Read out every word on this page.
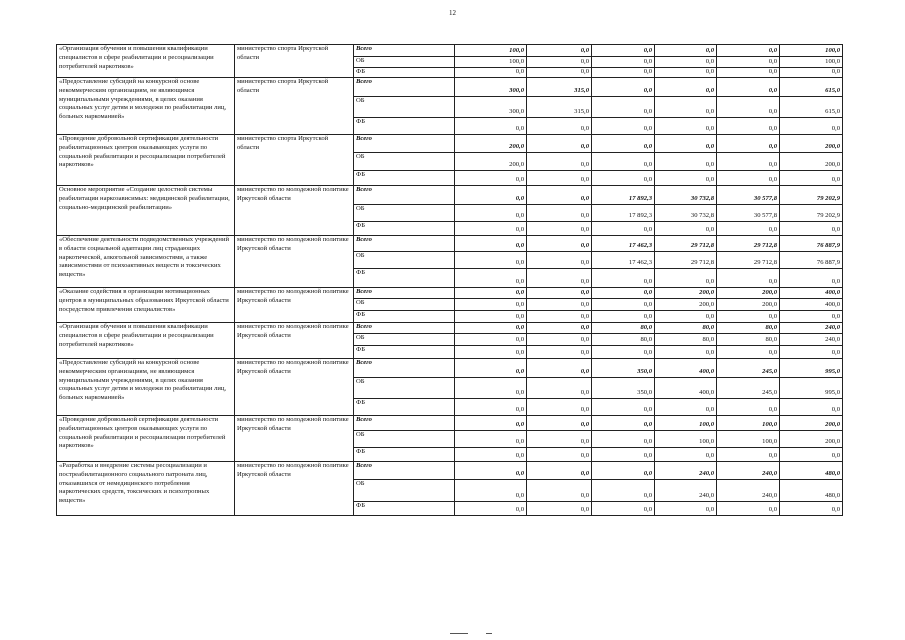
12
«Организация обучения и повышения квалификации специалистов в сфере реабилитации и ресоциализации потребителей наркотиков»	министерство спорта Иркутской области	Всего	100,0	0,0	0,0	0,0	0,0	100,0
		ОБ	100,0	0,0	0,0	0,0	0,0	100,0
		ФБ	0,0	0,0	0,0	0,0	0,0	0,0
«Предоставление субсидий на конкурсной основе некоммерческим организациям, не являющимся муниципальными учреждениями, в целях оказания социальных услуг детям и молодежи по реабилитации лиц, больных наркоманией»	министерство спорта Иркутской области	Всего	300,0	315,0	0,0	0,0	0,0	615,0
		ОБ	300,0	315,0	0,0	0,0	0,0	615,0
		ФБ	0,0	0,0	0,0	0,0	0,0	0,0
«Проведение добровольной сертификации деятельности реабилитационных центров оказывающих услуги по социальной реабилитации и ресоциализации потребителей наркотиков»	министерство спорта Иркутской области	Всего	200,0	0,0	0,0	0,0	0,0	200,0
		ОБ	200,0	0,0	0,0	0,0	0,0	200,0
		ФБ	0,0	0,0	0,0	0,0	0,0	0,0
Основное мероприятие «Создание целостной системы реабилитации наркозависимых: медицинской реабилитации, социально-медицинской реабилитации»	министерство по молодежной политике Иркутской области	Всего	0,0	0,0	17 892,3	30 732,8	30 577,8	79 202,9
		ОБ	0,0	0,0	17 892,3	30 732,8	30 577,8	79 202,9
		ФБ	0,0	0,0	0,0	0,0	0,0	0,0
«Обеспечение деятельности подведомственных учреждений в области социальной адаптации лиц страдающих наркотической, алкогольной зависимостями, а также зависимостями от психоактивных веществ и токсических веществ»	министерство по молодежной политике Иркутской области	Всего	0,0	0,0	17 462,3	29 712,8	29 712,8	76 887,9
		ОБ	0,0	0,0	17 462,3	29 712,8	29 712,8	76 887,9
		ФБ	0,0	0,0	0,0	0,0	0,0	0,0
«Оказание содействия в организации мотивационных центров в муниципальных образованиях Иркутской области посредством привлечения специалистов»	министерство по молодежной политике Иркутской области	Всего	0,0	0,0	0,0	200,0	200,0	400,0
		ОБ	0,0	0,0	0,0	200,0	200,0	400,0
		ФБ	0,0	0,0	0,0	0,0	0,0	0,0
«Организация обучения и повышения квалификации специалистов в сфере реабилитации и ресоциализации потребителей наркотиков»	министерство по молодежной политике Иркутской области	Всего	0,0	0,0	80,0	80,0	80,0	240,0
		ОБ	0,0	0,0	80,0	80,0	80,0	240,0
		ФБ	0,0	0,0	0,0	0,0	0,0	0,0
«Предоставление субсидий на конкурсной основе некоммерческим организациям, не являющимся муниципальными учреждениями, в целях оказания социальных услуг детям и молодежи по реабилитации лиц, больных наркоманией»	министерство по молодежной политике Иркутской области	Всего	0,0	0,0	350,0	400,0	245,0	995,0
		ОБ	0,0	0,0	350,0	400,0	245,0	995,0
		ФБ	0,0	0,0	0,0	0,0	0,0	0,0
«Проведение добровольной сертификации деятельности реабилитационных центров оказывающих услуги по социальной реабилитации и ресоциализации потребителей наркотиков»	министерство по молодежной политике Иркутской области	Всего	0,0	0,0	0,0	100,0	100,0	200,0
		ОБ	0,0	0,0	0,0	100,0	100,0	200,0
		ФБ	0,0	0,0	0,0	0,0	0,0	0,0
«Разработка и внедрение системы ресоциализации и постреабилитационного социального патроната лиц, отказавшихся от немедицинского потребления наркотических средств, токсических и психотропных веществ»	министерство по молодежной политике Иркутской области	Всего	0,0	0,0	0,0	240,0	240,0	480,0
		ОБ	0,0	0,0	0,0	240,0	240,0	480,0
		ФБ	0,0	0,0	0,0	0,0	0,0	0,0
